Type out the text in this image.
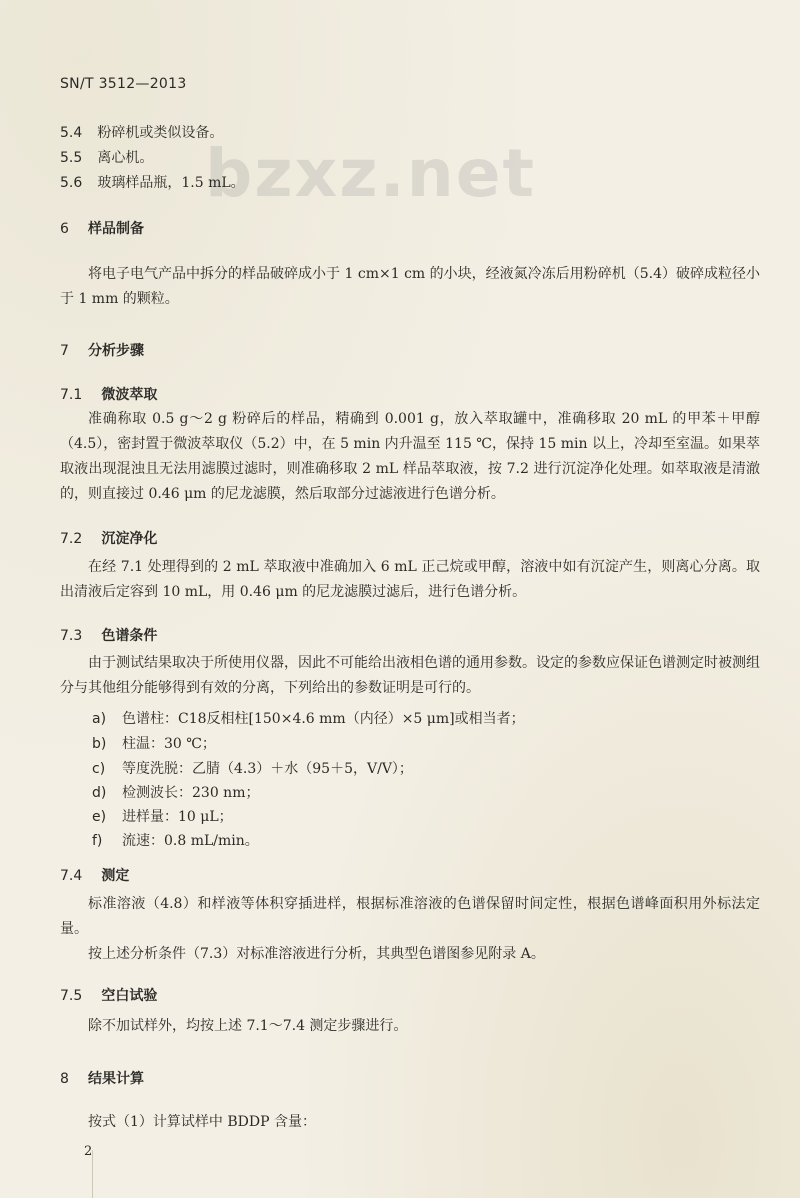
SN/T 3512—2013
bzxz.net
5.4 粉碎机或类似设备。
5.5 离心机。
5.6 玻璃样品瓶，1.5 mL。
6 样品制备
将电子电气产品中拆分的样品破碎成小于 1 cm×1 cm 的小块，经液氮冷冻后用粉碎机（5.4）破碎成粒径小于 1 mm 的颗粒。
7 分析步骤
7.1 微波萃取
准确称取 0.5 g～2 g 粉碎后的样品，精确到 0.001 g，放入萃取罐中，准确移取 20 mL 的甲苯＋甲醇（4.5），密封置于微波萃取仪（5.2）中，在 5 min 内升温至 115 ℃，保持 15 min 以上，冷却至室温。如果萃取液出现混浊且无法用滤膜过滤时，则准确移取 2 mL 样品萃取液，按 7.2 进行沉淀净化处理。如萃取液是清澈的，则直接过 0.46 μm 的尼龙滤膜，然后取部分过滤液进行色谱分析。
7.2 沉淀净化
在经 7.1 处理得到的 2 mL 萃取液中准确加入 6 mL 正己烷或甲醇，溶液中如有沉淀产生，则离心分离。取出清液后定容到 10 mL，用 0.46 μm 的尼龙滤膜过滤后，进行色谱分析。
7.3 色谱条件
由于测试结果取决于所使用仪器，因此不可能给出液相色谱的通用参数。设定的参数应保证色谱测定时被测组分与其他组分能够得到有效的分离，下列给出的参数证明是可行的。
a) 色谱柱：C18反相柱[150×4.6 mm（内径）×5 μm]或相当者；
b) 柱温：30 ℃；
c) 等度洗脱：乙腈（4.3）＋水（95＋5，V/V）；
d) 检测波长：230 nm；
e) 进样量：10 μL；
f) 流速：0.8 mL/min。
7.4 测定
标准溶液（4.8）和样液等体积穿插进样，根据标准溶液的色谱保留时间定性，根据色谱峰面积用外标法定量。
按上述分析条件（7.3）对标准溶液进行分析，其典型色谱图参见附录 A。
7.5 空白试验
除不加试样外，均按上述 7.1～7.4 测定步骤进行。
8 结果计算
按式（1）计算试样中 BDDP 含量：
2
